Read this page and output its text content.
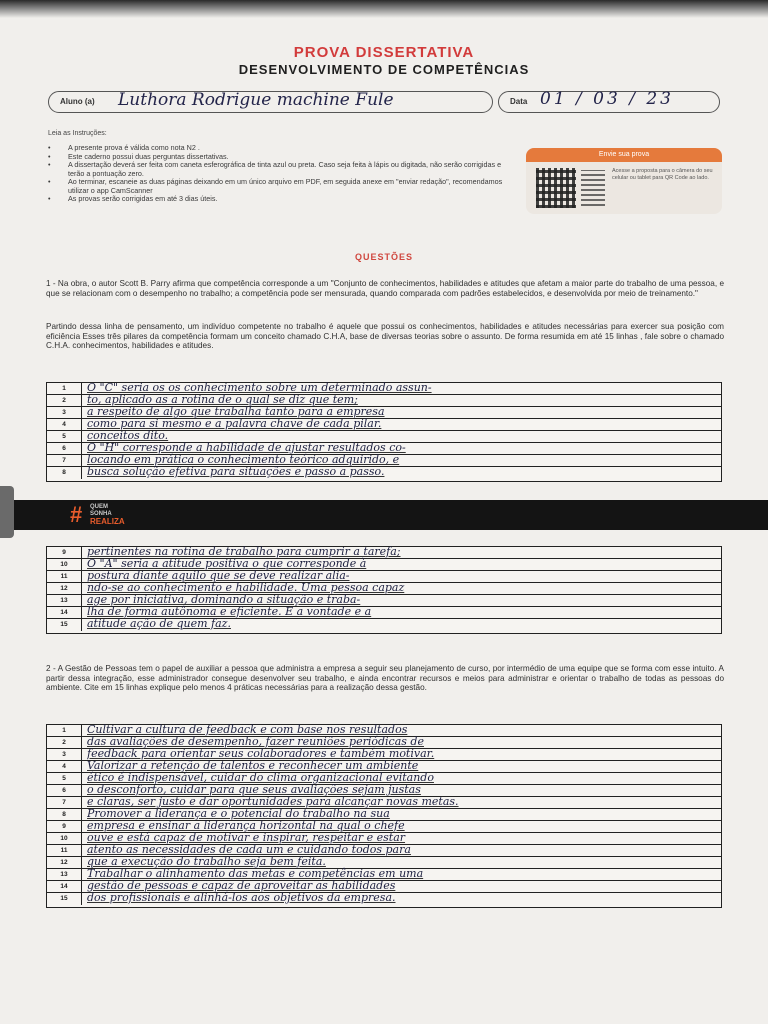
PROVA DISSERTATIVA
DESENVOLVIMENTO DE COMPETÊNCIAS
Aluno (a) Luthora Rodrigue machine Fule	Data 01 / 03 / 23
Leia as Instruções:
• A presente prova é válida como nota N2 .
• Este caderno possui duas perguntas dissertativas.
• A dissertação deverá ser feita com caneta esferográfica de tinta azul ou preta. Caso seja feita à lápis ou digitada, não serão corrigidas e terão a pontuação zero.
• Ao terminar, escaneie as duas páginas deixando em um único arquivo em PDF, em seguida anexe em "enviar redação", recomendamos utilizar o app CamScanner
• As provas serão corrigidas em até 3 dias úteis.
Envie sua prova
Acesse a proposta para o câmera do seu celular ou tablet para QR Code ao lado.
QUESTÕES
1 - Na obra, o autor Scott B. Parry afirma que competência corresponde a um "Conjunto de conhecimentos, habilidades e atitudes que afetam a maior parte do trabalho de uma pessoa, e que se relacionam com o desempenho no trabalho; a competência pode ser mensurada, quando comparada com padrões estabelecidos, e desenvolvida por meio de treinamento."
Partindo dessa linha de pensamento, um indivíduo competente no trabalho é aquele que possui os conhecimentos, habilidades e atitudes necessárias para exercer sua posição com eficiência Esses três pilares da competência formam um conceito chamado C.H.A, base de diversas teorias sobre o assunto. De forma resumida em até 15 linhas , fale sobre o chamado C.H.A. conhecimentos, habilidades e atitudes.
1	O "C" seria os os conhecimento sobre um determinado assun-
2	to, aplicado as a rotina de o qual se diz que tem;
3	a respeito de algo que trabalha tanto para a empresa
4	como para si mesmo e a palavra chave de cada pilar.
5	conceitos dito.
6	O "H" corresponde a habilidade de ajustar resultados co-
7	locando em prática o conhecimento teórico adquirido, e
8	busca solução efetiva para situações e passo a passo.
# QUEM
SONHA
REALIZA
9	pertinentes na rotina de trabalho para cumprir a tarefa;
10	O "A" seria a atitude positiva o que corresponde à
11	postura diante aquilo que se deve realizar alia-
12	ndo-se ao conhecimento e habilidade. Uma pessoa capaz
13	age por iniciativa, dominando a situação e traba-
14	lha de forma autônoma e eficiente. E a vontade e a
15	atitude ação de quem faz.
2 - A Gestão de Pessoas tem o papel de auxiliar a pessoa que administra a empresa a seguir seu planejamento de curso, por intermédio de uma equipe que se forma com esse intuito. A partir dessa integração, esse administrador consegue desenvolver seu trabalho, e ainda encontrar recursos e meios para administrar e orientar o trabalho de todas as pessoas do ambiente. Cite em 15 linhas explique pelo menos 4 práticas necessárias para a realização dessa gestão.
1	Cultivar a cultura de feedback e com base nos resultados
2	das avaliações de desempenho, fazer reuniões periódicas de
3	feedback para orientar seus colaboradores e também motivar.
4	Valorizar a retenção de talentos e reconhecer um ambiente
5	ético é indispensável, cuidar do clima organizacional evitando
6	o desconforto, cuidar para que seus avaliações sejam justas
7	e claras, ser justo e dar oportunidades para alcançar novas metas.
8	Promover a liderança e o potencial do trabalho na sua
9	empresa e ensinar a liderança horizontal na qual o chefe
10	ouve e está capaz de motivar e inspirar, respeitar e estar
11	atento as necessidades de cada um e cuidando todos para
12	que a execução do trabalho seja bem feita.
13	Trabalhar o alinhamento das metas e competências em uma
14	gestão de pessoas e capaz de aproveitar as habilidades
15	dos profissionais e alinhá-los aos objetivos da empresa.
